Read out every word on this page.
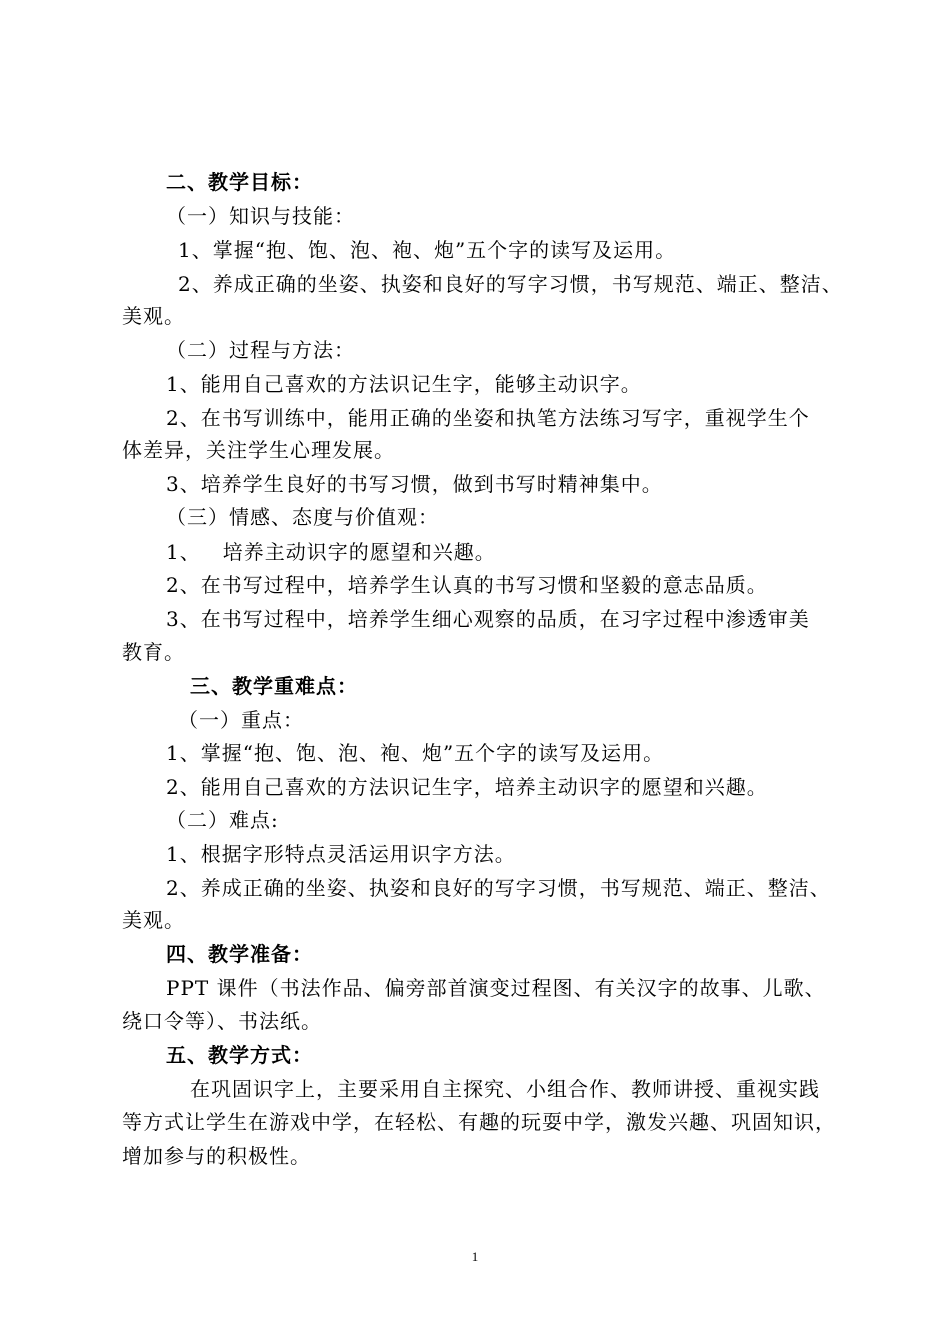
二、教学目标：
（一）知识与技能：
1、掌握“抱、饱、泡、袍、炮”五个字的读写及运用。
2、养成正确的坐姿、执姿和良好的写字习惯，书写规范、端正、整洁、
美观。
（二）过程与方法：
1、能用自己喜欢的方法识记生字，能够主动识字。
2、在书写训练中，能用正确的坐姿和执笔方法练习写字，重视学生个
体差异，关注学生心理发展。
3、培养学生良好的书写习惯，做到书写时精神集中。
（三）情感、态度与价值观：
1、   培养主动识字的愿望和兴趣。
2、在书写过程中，培养学生认真的书写习惯和坚毅的意志品质。
3、在书写过程中，培养学生细心观察的品质，在习字过程中渗透审美
教育。
三、教学重难点：
（一）重点：
1、掌握“抱、饱、泡、袍、炮”五个字的读写及运用。
2、能用自己喜欢的方法识记生字，培养主动识字的愿望和兴趣。
（二）难点:
1、根据字形特点灵活运用识字方法。
2、养成正确的坐姿、执姿和良好的写字习惯，书写规范、端正、整洁、
美观。
四、教学准备：
PPT 课件（书法作品、偏旁部首演变过程图、有关汉字的故事、儿歌、
绕口令等）、书法纸。
五、教学方式：
在巩固识字上，主要采用自主探究、小组合作、教师讲授、重视实践
等方式让学生在游戏中学，在轻松、有趣的玩耍中学，激发兴趣、巩固知识，
增加参与的积极性。
1
